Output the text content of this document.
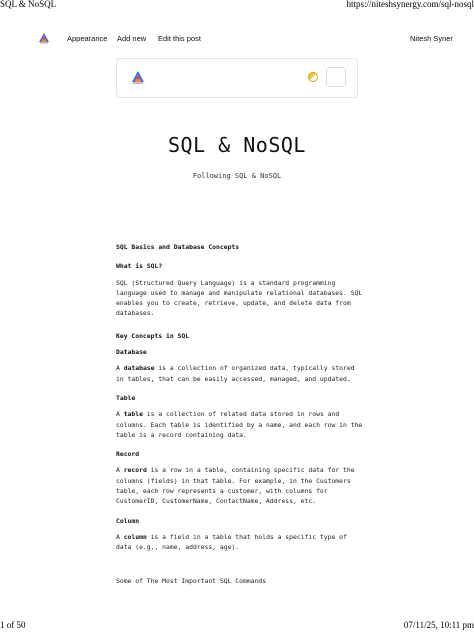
SQL & NoSQL	https://niteshsynergy.com/sql-nosql
Appearance Add new Edit this post	Nitesh Syner
SQL & NoSQL

Following SQL & NoSQL

SQL Basics and Database Concepts
What is SQL?

SQL (Structured Query Language) is a standard programming language used to manage and manipulate relational databases. SQL enables you to create, retrieve, update, and delete data from databases.

Key Concepts in SQL
Database

A database is a collection of organized data, typically stored in tables, that can be easily accessed, managed, and updated.

Table

A table is a collection of related data stored in rows and columns. Each table is identified by a name, and each row in the table is a record containing data.

Record

A record is a row in a table, containing specific data for the columns (fields) in that table. For example, in the Customers table, each row represents a customer, with columns for CustomerID, CustomerName, ContactName, Address, etc.

Column

A column is a field in a table that holds a specific type of data (e.g., name, address, age).

Some of The Most Important SQL Commands

1 of 50	07/11/25, 10:11 pm
